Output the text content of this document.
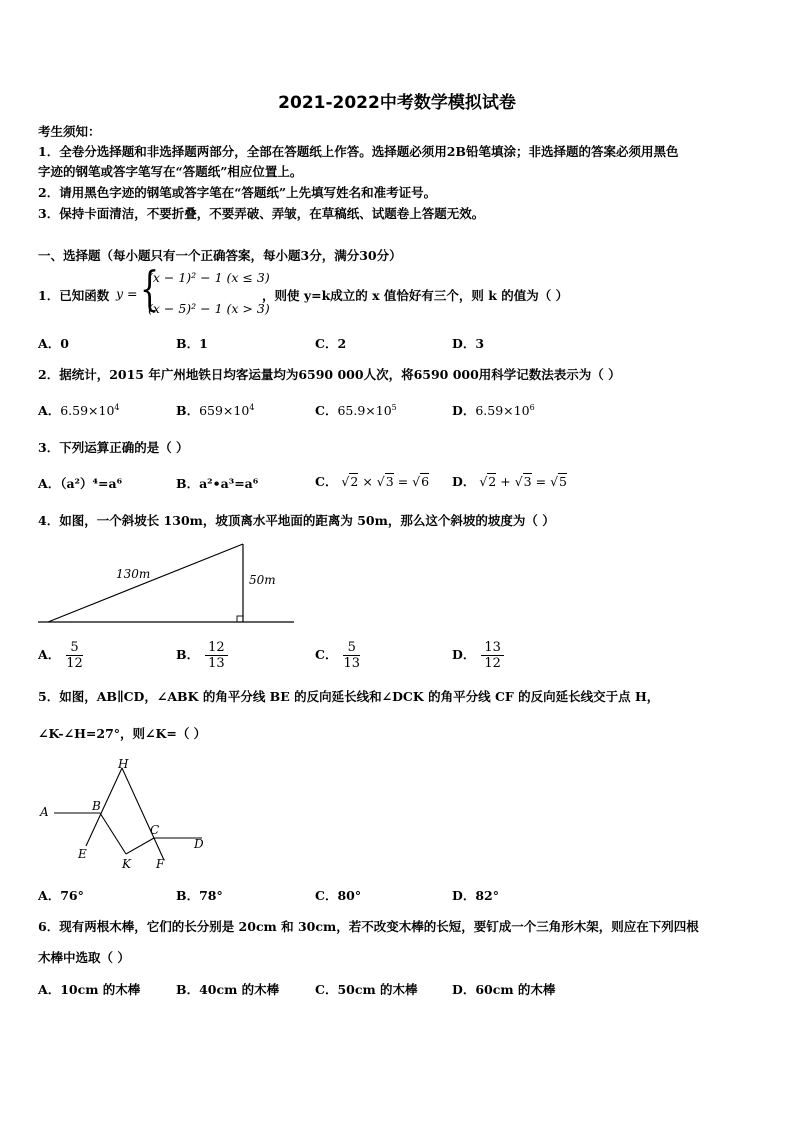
2021-2022中考数学模拟试卷
考生须知：
1．全卷分选择题和非选择题两部分，全部在答题纸上作答。选择题必须用2B铅笔填涂；非选择题的答案必须用黑色
字迹的钢笔或答字笔写在“答题纸”相应位置上。
2．请用黑色字迹的钢笔或答字笔在“答题纸”上先填写姓名和准考证号。
3．保持卡面清洁，不要折叠，不要弄破、弄皱，在草稿纸、试题卷上答题无效。
一、选择题（每小题只有一个正确答案，每小题3分，满分30分）
1．已知函数 y = {
(x − 1)² − 1 (x ≤ 3)
(x − 5)² − 1 (x > 3)
，则使 y=k成立的 x 值恰好有三个，则 k 的值为（ ）
A．0	B．1	C．2	D．3
2．据统计，2015 年广州地铁日均客运量均为6590 000人次，将6590 000用科学记数法表示为（ ）
A．$6.59\times 10^4$	B．$659\times 10^4$	C．$65.9\times 10^5$	D．$6.59\times 10^6$
3．下列运算正确的是（ ）
A．（a²）⁴=a⁶	B．a²•a³=a⁶	C． √2 × √3 = √6 D． √2 + √3 = √5
4．如图，一个斜坡长 130m，坡顶离水平地面的距离为 50m，那么这个斜坡的坡度为（ ）
130m	50m
A． $\frac{5}{12}$	B． $\frac{12}{13}$	C． $\frac{5}{13}$	D． $\frac{13}{12}$
5．如图，AB∥CD，∠ABK 的角平分线 BE 的反向延长线和∠DCK 的角平分线 CF 的反向延长线交于点 H，
∠K-∠H=27°，则∠K=（ ）
H
A	B
C
D
E
K F
A．76°	B．78°	C．80°	D．82°
6．现有两根木棒，它们的长分别是 20cm 和 30cm，若不改变木棒的长短，要钉成一个三角形木架，则应在下列四根
木棒中选取（ ）
A．10cm 的木棒	B．40cm 的木棒	C．50cm 的木棒	D．60cm 的木棒
